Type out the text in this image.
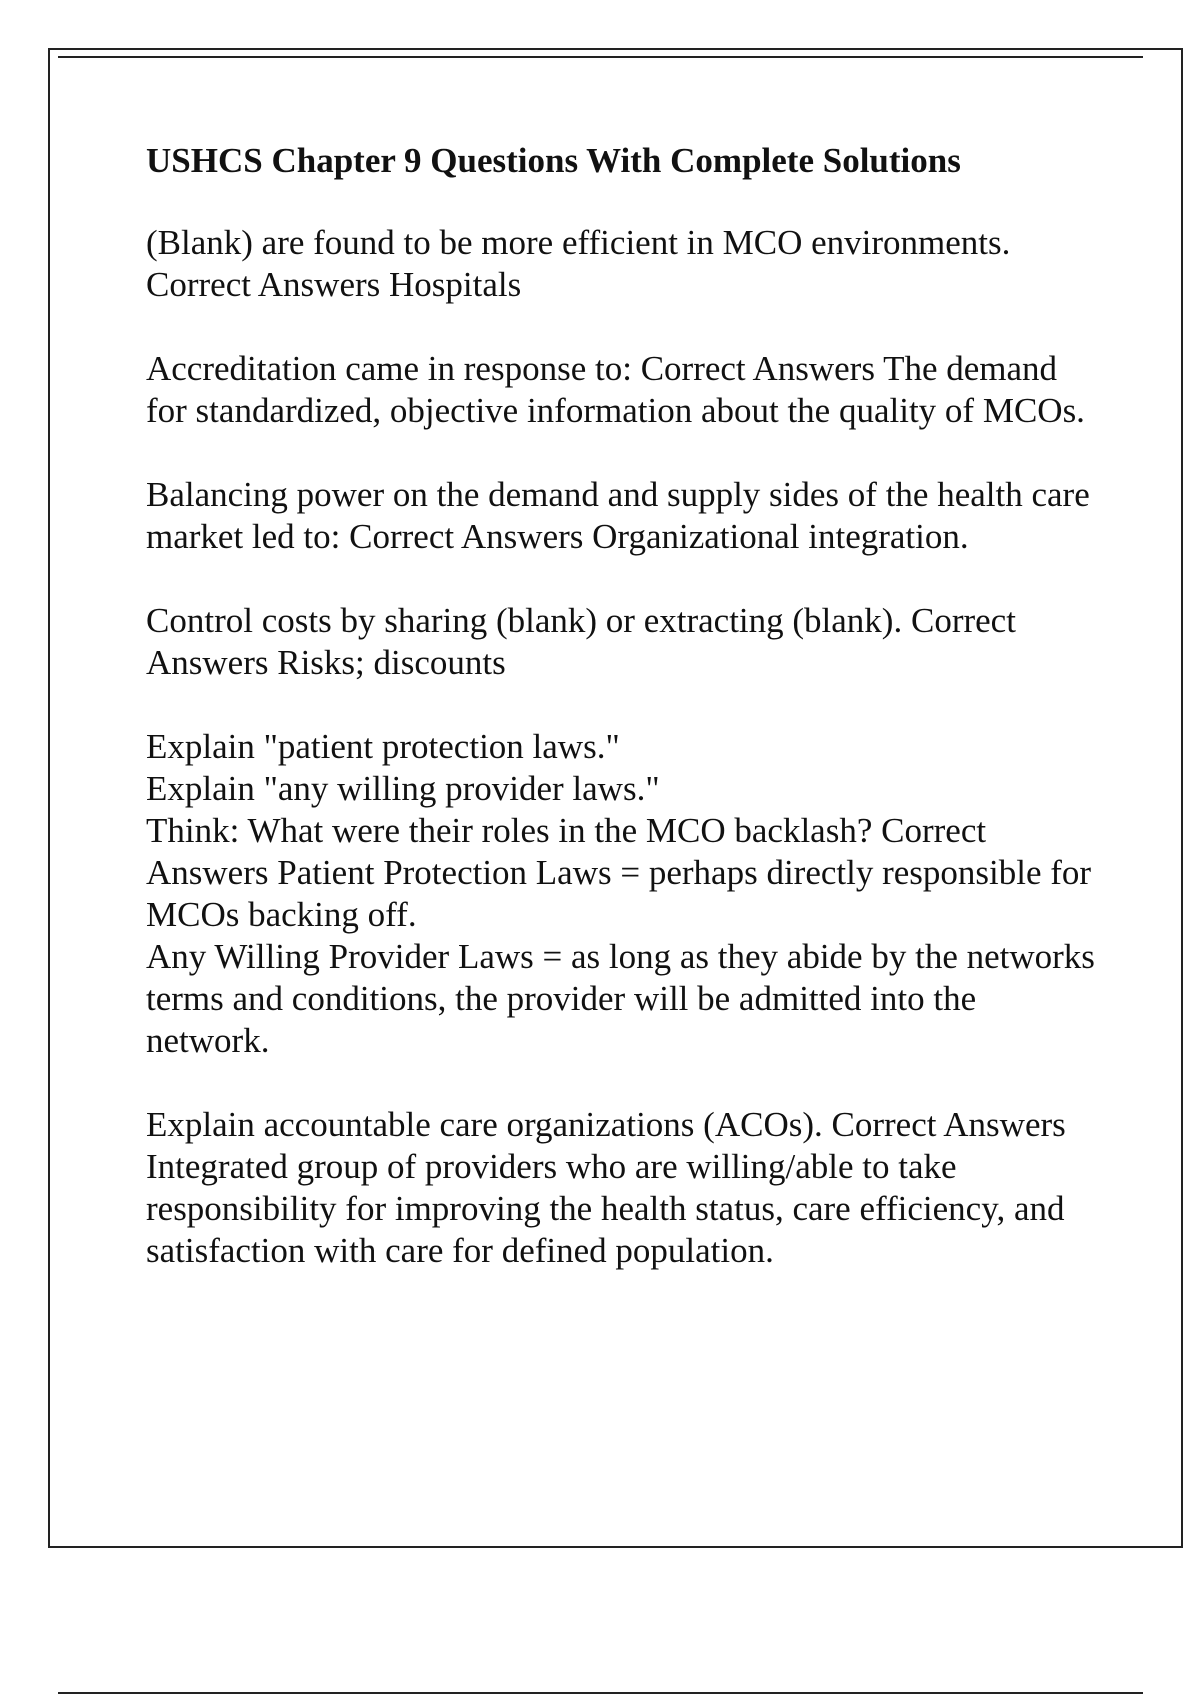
USHCS Chapter 9 Questions With Complete Solutions
(Blank) are found to be more efficient in MCO environments.
Correct Answers Hospitals
Accreditation came in response to: Correct Answers The demand for standardized, objective information about the quality of MCOs.
Balancing power on the demand and supply sides of the health care market led to: Correct Answers Organizational integration.
Control costs by sharing (blank) or extracting (blank). Correct Answers Risks; discounts
Explain "patient protection laws."
Explain "any willing provider laws."
Think: What were their roles in the MCO backlash? Correct Answers Patient Protection Laws = perhaps directly responsible for MCOs backing off.
Any Willing Provider Laws = as long as they abide by the networks terms and conditions, the provider will be admitted into the network.
Explain accountable care organizations (ACOs). Correct Answers Integrated group of providers who are willing/able to take responsibility for improving the health status, care efficiency, and satisfaction with care for defined population.
